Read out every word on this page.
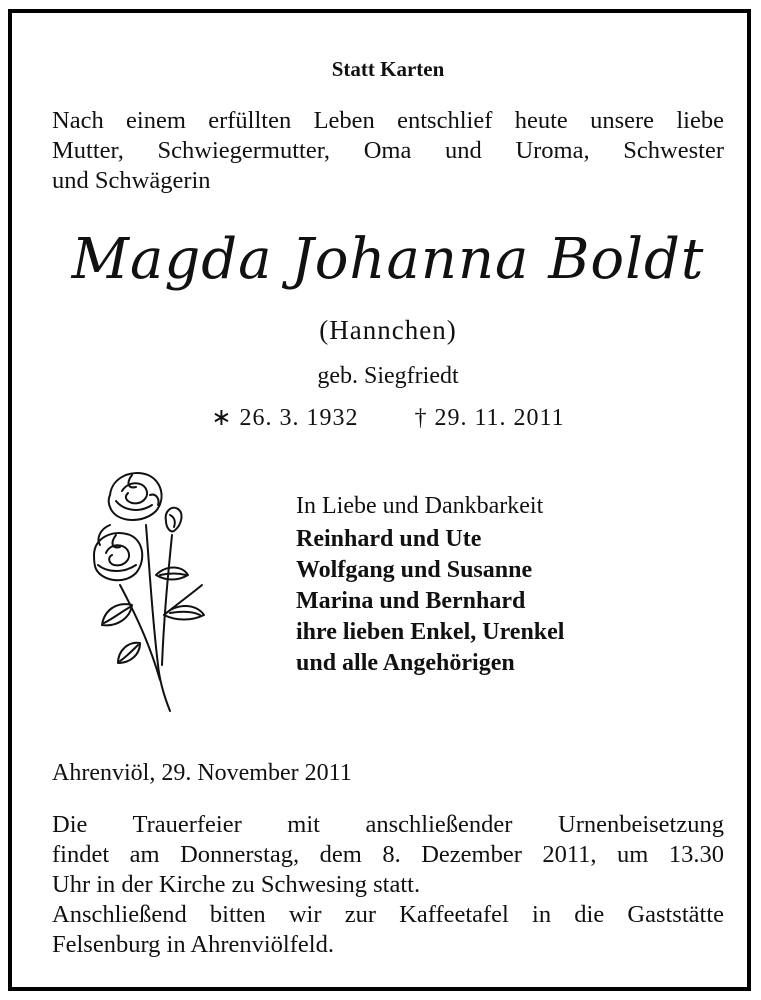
Statt Karten
Nach einem erfüllten Leben entschlief heute unsere liebe
Mutter, Schwiegermutter, Oma und Uroma, Schwester
und Schwägerin
Magda Johanna Boldt
(Hannchen)
geb. Siegfriedt
∗ 26. 3. 1932 † 29. 11. 2011
In Liebe und Dankbarkeit
Reinhard und Ute
Wolfgang und Susanne
Marina und Bernhard
ihre lieben Enkel, Urenkel
und alle Angehörigen
Ahrenviöl, 29. November 2011
Die Trauerfeier mit anschließender Urnenbeisetzung
findet am Donnerstag, dem 8. Dezember 2011, um 13.30
Uhr in der Kirche zu Schwesing statt.
Anschließend bitten wir zur Kaffeetafel in die Gaststätte
Felsenburg in Ahrenviölfeld.
